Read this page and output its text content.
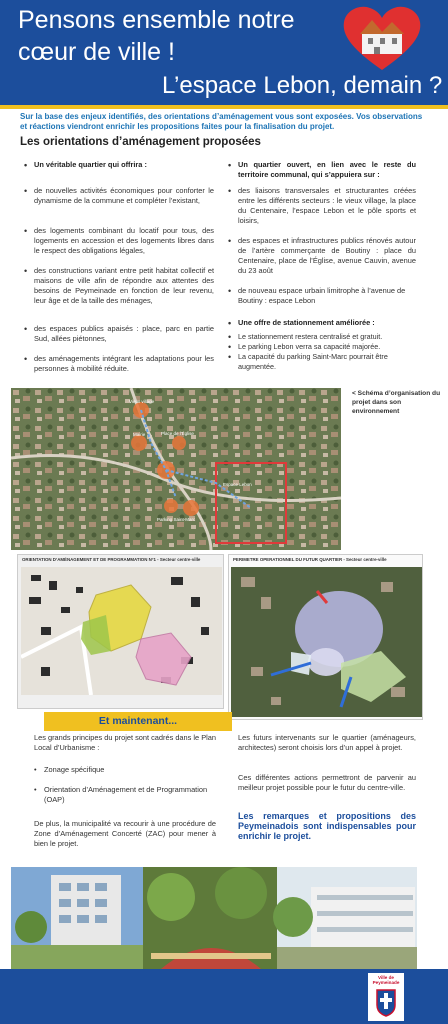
Pensons ensemble notre
cœur de ville !
L’espace Lebon, demain ?
Sur la base des enjeux identifiés, des orientations d’aménagement vous sont exposées. Vos observations et réactions viendront enrichir les propositions faites pour la finalisation du projet.
Les orientations d’aménagement proposées
• Un véritable quartier qui offrira :
• de nouvelles activités économiques pour conforter le dynamisme de la commune et compléter l’existant,
• des logements combinant du locatif pour tous, des logements en accession et des logements libres dans le respect des obligations légales,
• des constructions variant entre petit habitat collectif et maisons de ville afin de répondre aux attentes des besoins de Peymeinade en fonction de leur revenu, leur âge et de la taille des ménages,
• des espaces publics apaisés : place, parc en partie Sud, allées piétonnes,
• des aménagements intégrant les adaptations pour les personnes à mobilité réduite.
• Un quartier ouvert, en lien avec le reste du territoire communal, qui s’appuiera sur :
• des liaisons transversales et structurantes créées entre les différents secteurs : le vieux village, la place du Centenaire, l’espace Lebon et le pôle sports et loisirs,
• des espaces et infrastructures publics rénovés autour de l’artère commerçante de Boutiny : place du Centenaire, place de l’Église, avenue Cauvin, avenue du 23 août
• de nouveau espace urbain limitrophe à l’avenue de Boutiny : espace Lebon
• Une offre de stationnement améliorée :
• Le stationnement restera centralisé et gratuit.
• Le parking Lebon verra sa capacité majorée.
• La capacité du parking Saint-Marc pourrait être augmentée.
Vieux village
Place de l'Église
Mairie
Espace Lebon
Parking Saint-Marc
< Schéma d’organisation du projet dans son environnement
ORIENTATION D’AMÉNAGEMENT ET DE PROGRAMMATION N°1 - Secteur centre-ville	PERIMETRE OPERATIONNEL DU FUTUR QUARTIER - Secteur centre-ville
Et maintenant...

Les grands principes du projet sont cadrés dans le Plan Local d’Urbanisme :

• Zonage spécifique

• Orientation d’Aménagement et de Programmation (OAP)

De plus, la municipalité va recourir à une procédure de Zone d’Aménagement Concerté (ZAC) pour mener à bien le projet.

Les futurs intervenants sur le quartier (aménageurs, architectes) seront choisis lors d’un appel à projet.

Ces différentes actions permettront de parvenir au meilleur projet possible pour le futur du centre-ville.

Les remarques et propositions des Peymeinadois sont indispensables pour enrichir le projet.

Ville de Peymeinade
